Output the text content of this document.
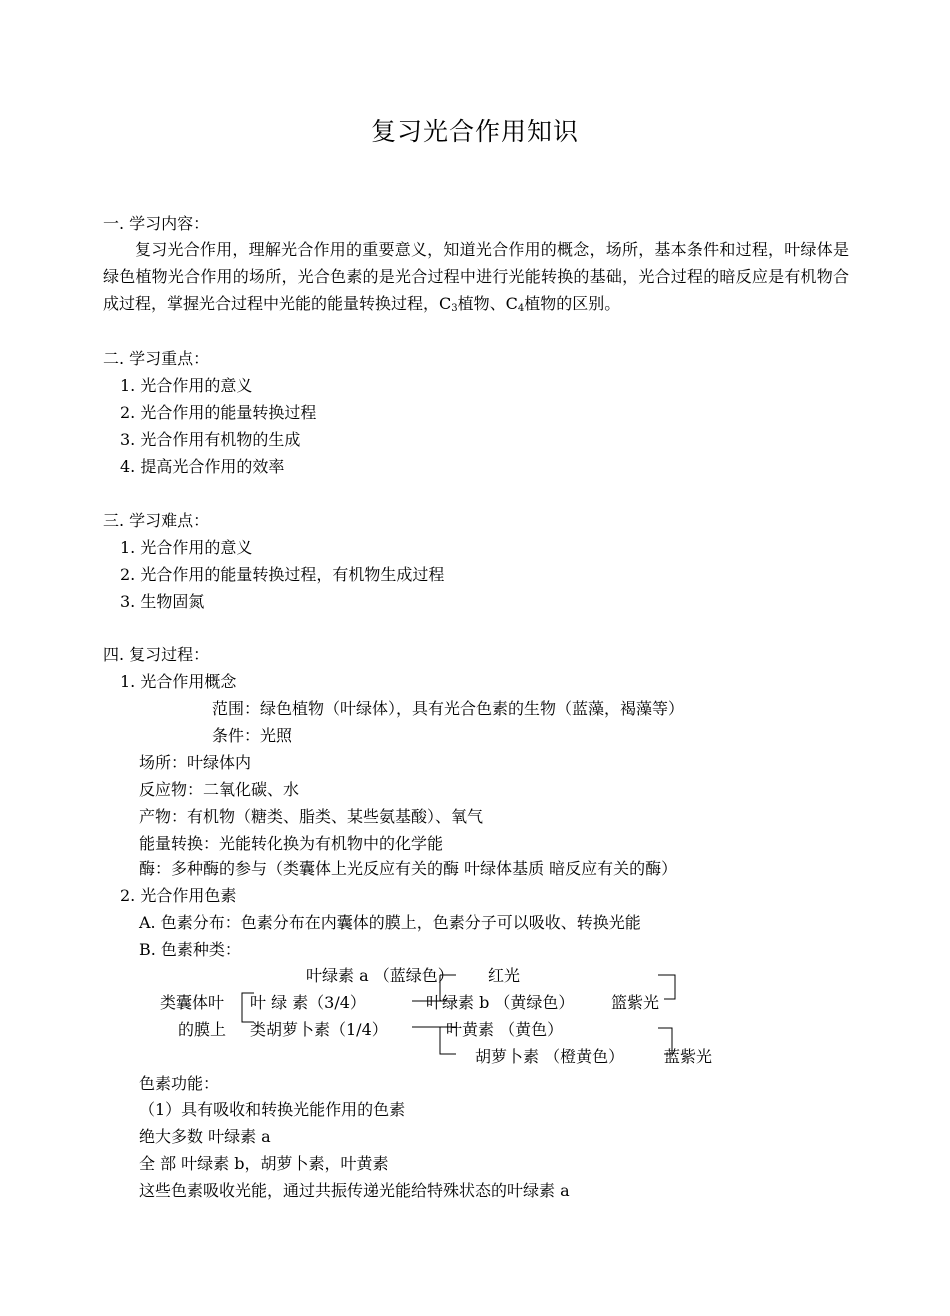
复习光合作用知识
一. 学习内容：
复习光合作用，理解光合作用的重要意义，知道光合作用的概念，场所，基本条件和过程，叶绿体是绿色植物光合作用的场所，光合色素的是光合过程中进行光能转换的基础，光合过程的暗反应是有机物合成过程，掌握光合过程中光能的能量转换过程，$C_3$植物、$C_4$植物的区别。
二. 学习重点：
1. 光合作用的意义
2. 光合作用的能量转换过程
3. 光合作用有机物的生成
4. 提高光合作用的效率
三. 学习难点：
1. 光合作用的意义
2. 光合作用的能量转换过程，有机物生成过程
3. 生物固氮
四. 复习过程：
1. 光合作用概念
范围：绿色植物（叶绿体），具有光合色素的生物（蓝藻，褐藻等）
条件：光照
场所：叶绿体内
反应物：二氧化碳、水
产物：有机物（糖类、脂类、某些氨基酸）、氧气
能量转换：光能转化换为有机物中的化学能
酶：多种酶的参与（类囊体上光反应有关的酶 叶绿体基质 暗反应有关的酶）
2. 光合作用色素
A. 色素分布：色素分布在内囊体的膜上，色素分子可以吸收、转换光能
B. 色素种类：
类囊体叶
的膜上
叶 绿 素（3/4）
类胡萝卜素（1/4）
叶绿素 a （蓝绿色） 红光
叶绿素 b （黄绿色） 篮紫光
叶黄素 （黄色）
胡萝卜素 （橙黄色） 蓝紫光
色素功能：
（1）具有吸收和转换光能作用的色素
绝大多数 叶绿素 a
全 部 叶绿素 b，胡萝卜素，叶黄素
这些色素吸收光能，通过共振传递光能给特殊状态的叶绿素 a
